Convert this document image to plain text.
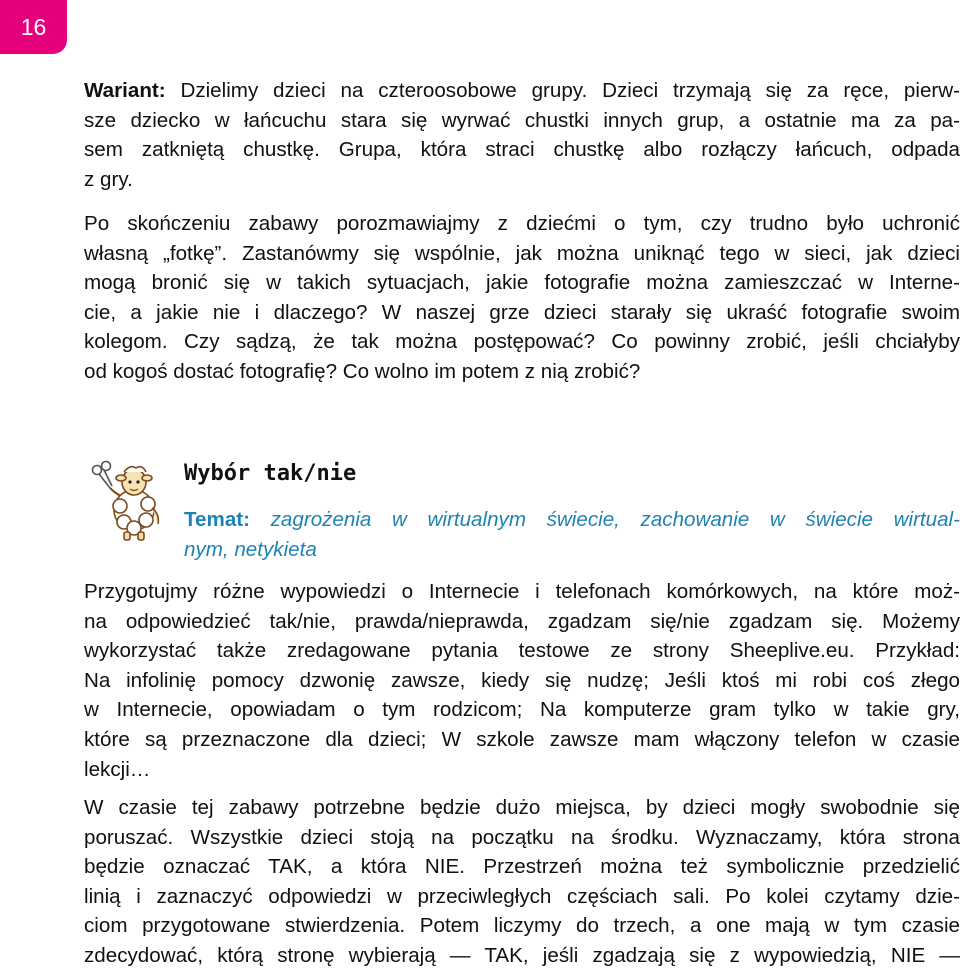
16

Wariant: Dzielimy dzieci na czteroosobowe grupy. Dzieci trzymają się za ręce, pierw-
sze dziecko w łańcuchu stara się wyrwać chustki innych grup, a ostatnie ma za pa-
sem zatkniętą chustkę. Grupa, która straci chustkę albo rozłączy łańcuch, odpada
z gry.

Po skończeniu zabawy porozmawiajmy z dziećmi o tym, czy trudno było uchronić
własną „fotkę”. Zastanówmy się wspólnie, jak można uniknąć tego w sieci, jak dzieci
mogą bronić się w takich sytuacjach, jakie fotografie można zamieszczać w Interne-
cie, a jakie nie i dlaczego? W naszej grze dzieci starały się ukraść fotografie swoim
kolegom. Czy sądzą, że tak można postępować? Co powinny zrobić, jeśli chciałyby
od kogoś dostać fotografię? Co wolno im potem z nią zrobić?

Wybór tak/nie

Temat: zagrożenia w wirtualnym świecie, zachowanie w świecie wirtual-
nym, netykieta

Przygotujmy różne wypowiedzi o Internecie i telefonach komórkowych, na które moż-
na odpowiedzieć tak/nie, prawda/nieprawda, zgadzam się/nie zgadzam się. Możemy
wykorzystać także zredagowane pytania testowe ze strony Sheeplive.eu. Przykład:
Na infolinię pomocy dzwonię zawsze, kiedy się nudzę; Jeśli ktoś mi robi coś złego
w Internecie, opowiadam o tym rodzicom; Na komputerze gram tylko w takie gry,
które są przeznaczone dla dzieci; W szkole zawsze mam włączony telefon w czasie
lekcji…

W czasie tej zabawy potrzebne będzie dużo miejsca, by dzieci mogły swobodnie się
poruszać. Wszystkie dzieci stoją na początku na środku. Wyznaczamy, która strona
będzie oznaczać TAK, a która NIE. Przestrzeń można też symbolicznie przedzielić
linią i zaznaczyć odpowiedzi w przeciwległych częściach sali. Po kolei czytamy dzie-
ciom przygotowane stwierdzenia. Potem liczymy do trzech, a one mają w tym czasie
zdecydować, którą stronę wybierają — TAK, jeśli zgadzają się z wypowiedzią, NIE —
